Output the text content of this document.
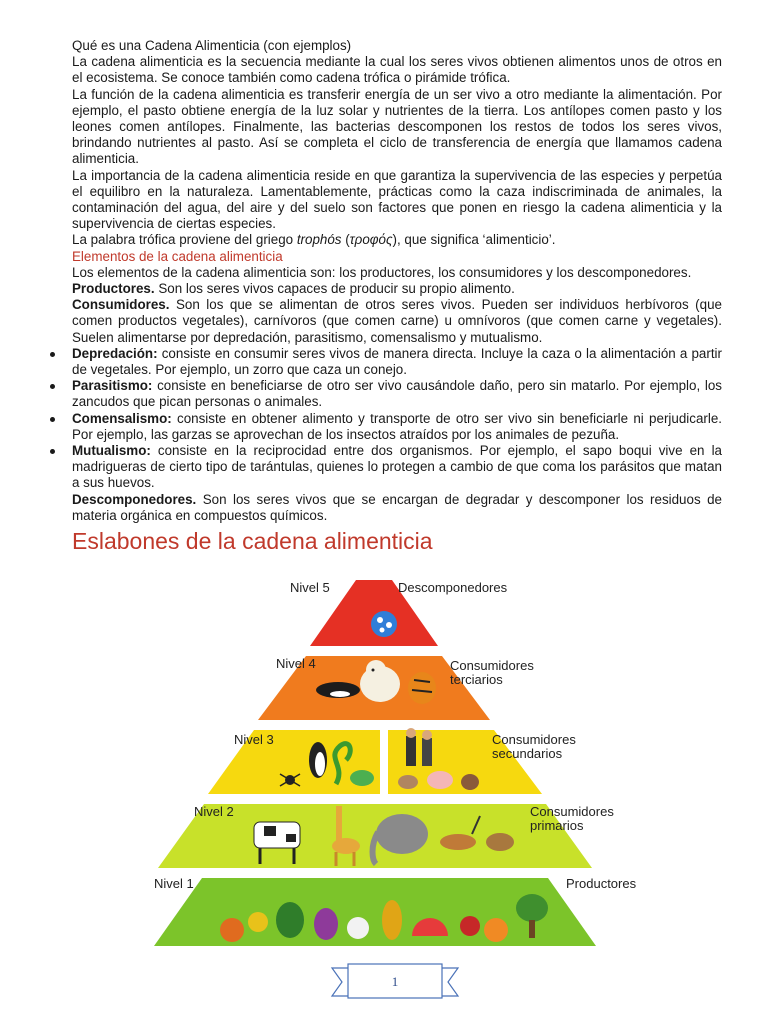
Qué es una Cadena Alimenticia (con ejemplos)

La cadena alimenticia es la secuencia mediante la cual los seres vivos obtienen alimentos unos de otros en el ecosistema. Se conoce también como cadena trófica o pirámide trófica.

La función de la cadena alimenticia es transferir energía de un ser vivo a otro mediante la alimentación. Por ejemplo, el pasto obtiene energía de la luz solar y nutrientes de la tierra. Los antílopes comen pasto y los leones comen antílopes. Finalmente, las bacterias descomponen los restos de todos los seres vivos, brindando nutrientes al pasto. Así se completa el ciclo de transferencia de energía que llamamos cadena alimenticia.

La importancia de la cadena alimenticia reside en que garantiza la supervivencia de las especies y perpetúa el equilibro en la naturaleza. Lamentablemente, prácticas como la caza indiscriminada de animales, la contaminación del agua, del aire y del suelo son factores que ponen en riesgo la cadena alimenticia y la supervivencia de ciertas especies.

La palabra trófica proviene del griego trophós (τροφός), que significa ‘alimenticio’.

Elementos de la cadena alimenticia

Los elementos de la cadena alimenticia son: los productores, los consumidores y los descomponedores.

Productores. Son los seres vivos capaces de producir su propio alimento.

Consumidores. Son los que se alimentan de otros seres vivos. Pueden ser individuos herbívoros (que comen productos vegetales), carnívoros (que comen carne) u omnívoros (que comen carne y vegetales). Suelen alimentarse por depredación, parasitismo, comensalismo y mutualismo.

Depredación: consiste en consumir seres vivos de manera directa. Incluye la caza o la alimentación a partir de vegetales. Por ejemplo, un zorro que caza un conejo.
Parasitismo: consiste en beneficiarse de otro ser vivo causándole daño, pero sin matarlo. Por ejemplo, los zancudos que pican personas o animales.
Comensalismo: consiste en obtener alimento y transporte de otro ser vivo sin beneficiarle ni perjudicarle. Por ejemplo, las garzas se aprovechan de los insectos atraídos por los animales de pezuña.
Mutualismo: consiste en la reciprocidad entre dos organismos. Por ejemplo, el sapo boqui vive en la madrigueras de cierto tipo de tarántulas, quienes lo protegen a cambio de que coma los parásitos que matan a sus huevos.

Descomponedores. Son los seres vivos que se encargan de degradar y descomponer los residuos de materia orgánica en compuestos químicos.

Eslabones de la cadena alimenticia
Nivel 5	Descomponedores
Nivel 4	Consumidores
terciarios
Nivel 3	Consumidores
secundarios
Nivel 2	Consumidores
primarios
Nivel 1	Productores
1
